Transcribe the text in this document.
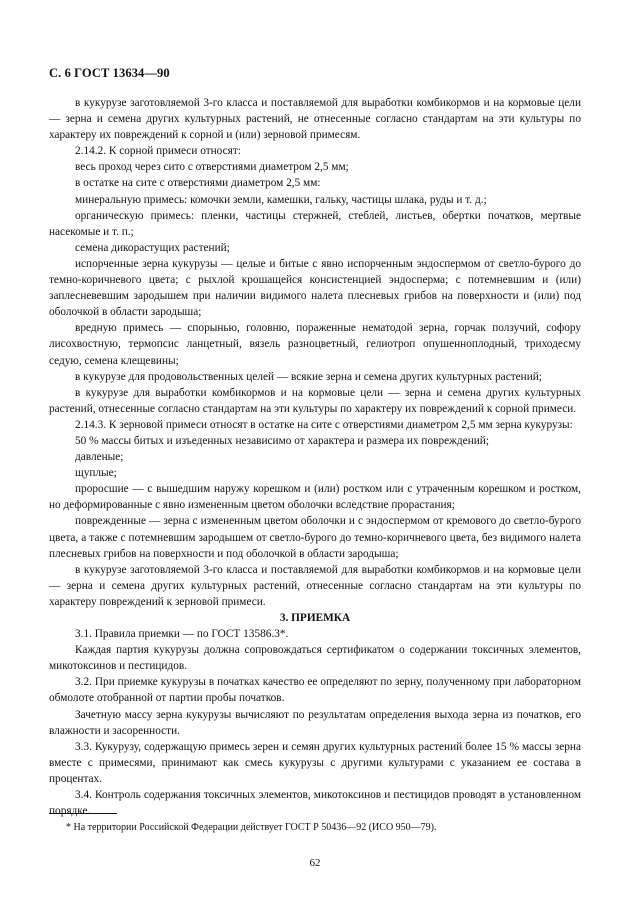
С. 6 ГОСТ 13634—90

в кукурузе заготовляемой 3-го класса и поставляемой для выработки комбикормов и на кормовые цели — зерна и семена других культурных растений, не отнесенные согласно стандартам на эти культуры по характеру их повреждений к сорной и (или) зерновой примесям.

2.14.2. К сорной примеси относят:

весь проход через сито с отверстиями диаметром 2,5 мм;

в остатке на сите с отверстиями диаметром 2,5 мм:

минеральную примесь: комочки земли, камешки, гальку, частицы шлака, руды и т. д.;

органическую примесь: пленки, частицы стержней, стеблей, листьев, обертки початков, мертвые насекомые и т. п.;

семена дикорастущих растений;

испорченные зерна кукурузы — целые и битые с явно испорченным эндоспермом от светло-бурого до темно-коричневого цвета; с рыхлой крошащейся консистенцией эндосперма; с потемневшим и (или) заплесневевшим зародышем при наличии видимого налета плесневых грибов на поверхности и (или) под оболочкой в области зародыша;

вредную примесь — спорынью, головню, пораженные нематодой зерна, горчак ползучий, софору лисохвостную, термопсис ланцетный, вязель разноцветный, гелиотроп опушенноплодный, триходесму седую, семена клещевины;

в кукурузе для продовольственных целей — всякие зерна и семена других культурных растений;

в кукурузе для выработки комбикормов и на кормовые цели — зерна и семена других культурных растений, отнесенные согласно стандартам на эти культуры по характеру их повреждений к сорной примеси.

2.14.3. К зерновой примеси относят в остатке на сите с отверстиями диаметром 2,5 мм зерна кукурузы:

50 % массы битых и изъеденных независимо от характера и размера их повреждений;

давленые;

щуплые;

проросшие — с вышедшим наружу корешком и (или) ростком или с утраченным корешком и ростком, но деформированные с явно измененным цветом оболочки вследствие прорастания;

поврежденные — зерна с измененным цветом оболочки и с эндоспермом от кремового до светло-бурого цвета, а также с потемневшим зародышем от светло-бурого до темно-коричневого цвета, без видимого налета плесневых грибов на поверхности и под оболочкой в области зародыша;

в кукурузе заготовляемой 3-го класса и поставляемой для выработки комбикормов и на кормовые цели — зерна и семена других культурных растений, отнесенные согласно стандартам на эти культуры по характеру повреждений к зерновой примеси.

3. ПРИЕМКА

3.1. Правила приемки — по ГОСТ 13586.3*.

Каждая партия кукурузы должна сопровождаться сертификатом о содержании токсичных элементов, микотоксинов и пестицидов.

3.2. При приемке кукурузы в початках качество ее определяют по зерну, полученному при лабораторном обмолоте отобранной от партии пробы початков.

Зачетную массу зерна кукурузы вычисляют по результатам определения выхода зерна из початков, его влажности и засоренности.

3.3. Кукурузу, содержащую примесь зерен и семян других культурных растений более 15 % массы зерна вместе с примесями, принимают как смесь кукурузы с другими культурами с указанием ее состава в процентах.

3.4. Контроль содержания токсичных элементов, микотоксинов и пестицидов проводят в установленном порядке.

* На территории Российской Федерации действует ГОСТ Р 50436—92 (ИСО 950—79).
62
